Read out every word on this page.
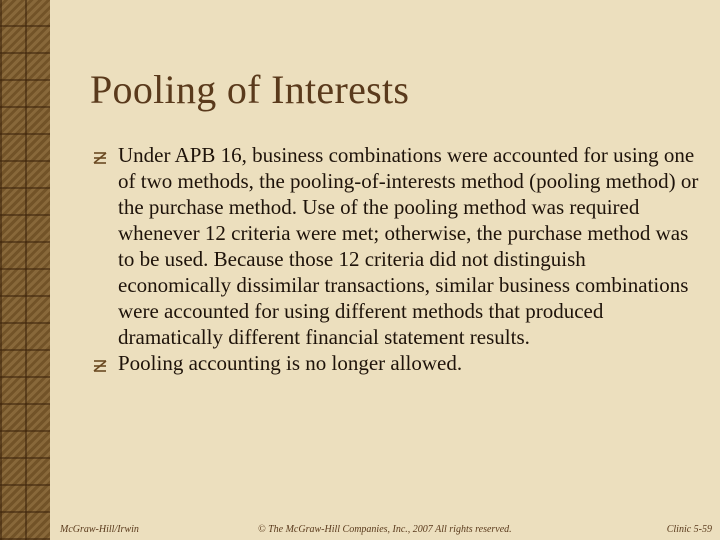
Pooling of Interests
Under APB 16, business combinations were accounted for using one of two methods, the pooling-of-interests method (pooling method) or the purchase method. Use of the pooling method was required whenever 12 criteria were met; otherwise, the purchase method was to be used. Because those 12 criteria did not distinguish economically dissimilar transactions, similar business combinations were accounted for using different methods that produced dramatically different financial statement results.
Pooling accounting is no longer allowed.
McGraw-Hill/Irwin	© The McGraw-Hill Companies, Inc., 2007 All rights reserved.	Clinic 5-59
